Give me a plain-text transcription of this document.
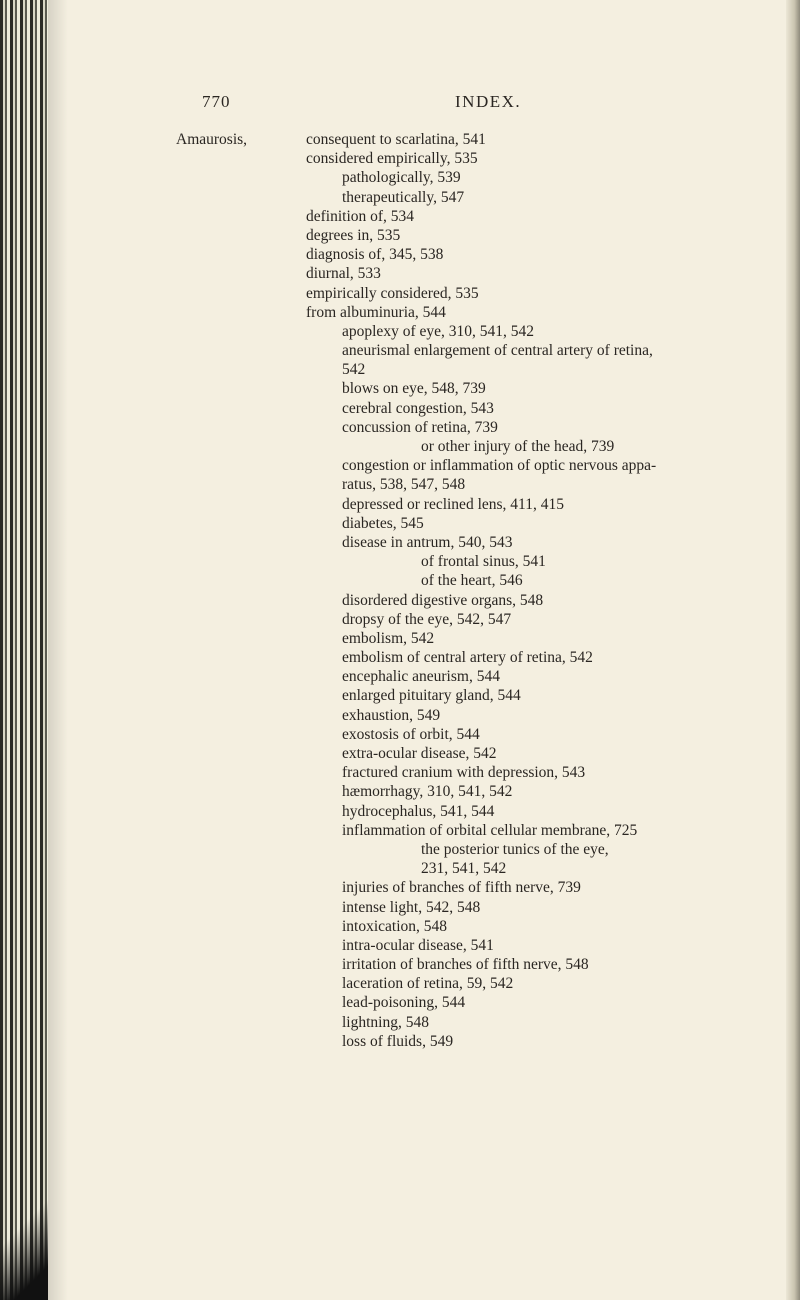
770	INDEX.
Amaurosis,	consequent to scarlatina, 541
considered empirically, 535
pathologically, 539
therapeutically, 547
definition of, 534
degrees in, 535
diagnosis of, 345, 538
diurnal, 533
empirically considered, 535
from albuminuria, 544
apoplexy of eye, 310, 541, 542
aneurismal enlargement of central artery of retina,
542
blows on eye, 548, 739
cerebral congestion, 543
concussion of retina, 739
or other injury of the head, 739
congestion or inflammation of optic nervous appa-
ratus, 538, 547, 548
depressed or reclined lens, 411, 415
diabetes, 545
disease in antrum, 540, 543
of frontal sinus, 541
of the heart, 546
disordered digestive organs, 548
dropsy of the eye, 542, 547
embolism, 542
embolism of central artery of retina, 542
encephalic aneurism, 544
enlarged pituitary gland, 544
exhaustion, 549
exostosis of orbit, 544
extra-ocular disease, 542
fractured cranium with depression, 543
hæmorrhagy, 310, 541, 542
hydrocephalus, 541, 544
inflammation of orbital cellular membrane, 725
the posterior tunics of the eye,
231, 541, 542
injuries of branches of fifth nerve, 739
intense light, 542, 548
intoxication, 548
intra-ocular disease, 541
irritation of branches of fifth nerve, 548
laceration of retina, 59, 542
lead-poisoning, 544
lightning, 548
loss of fluids, 549
